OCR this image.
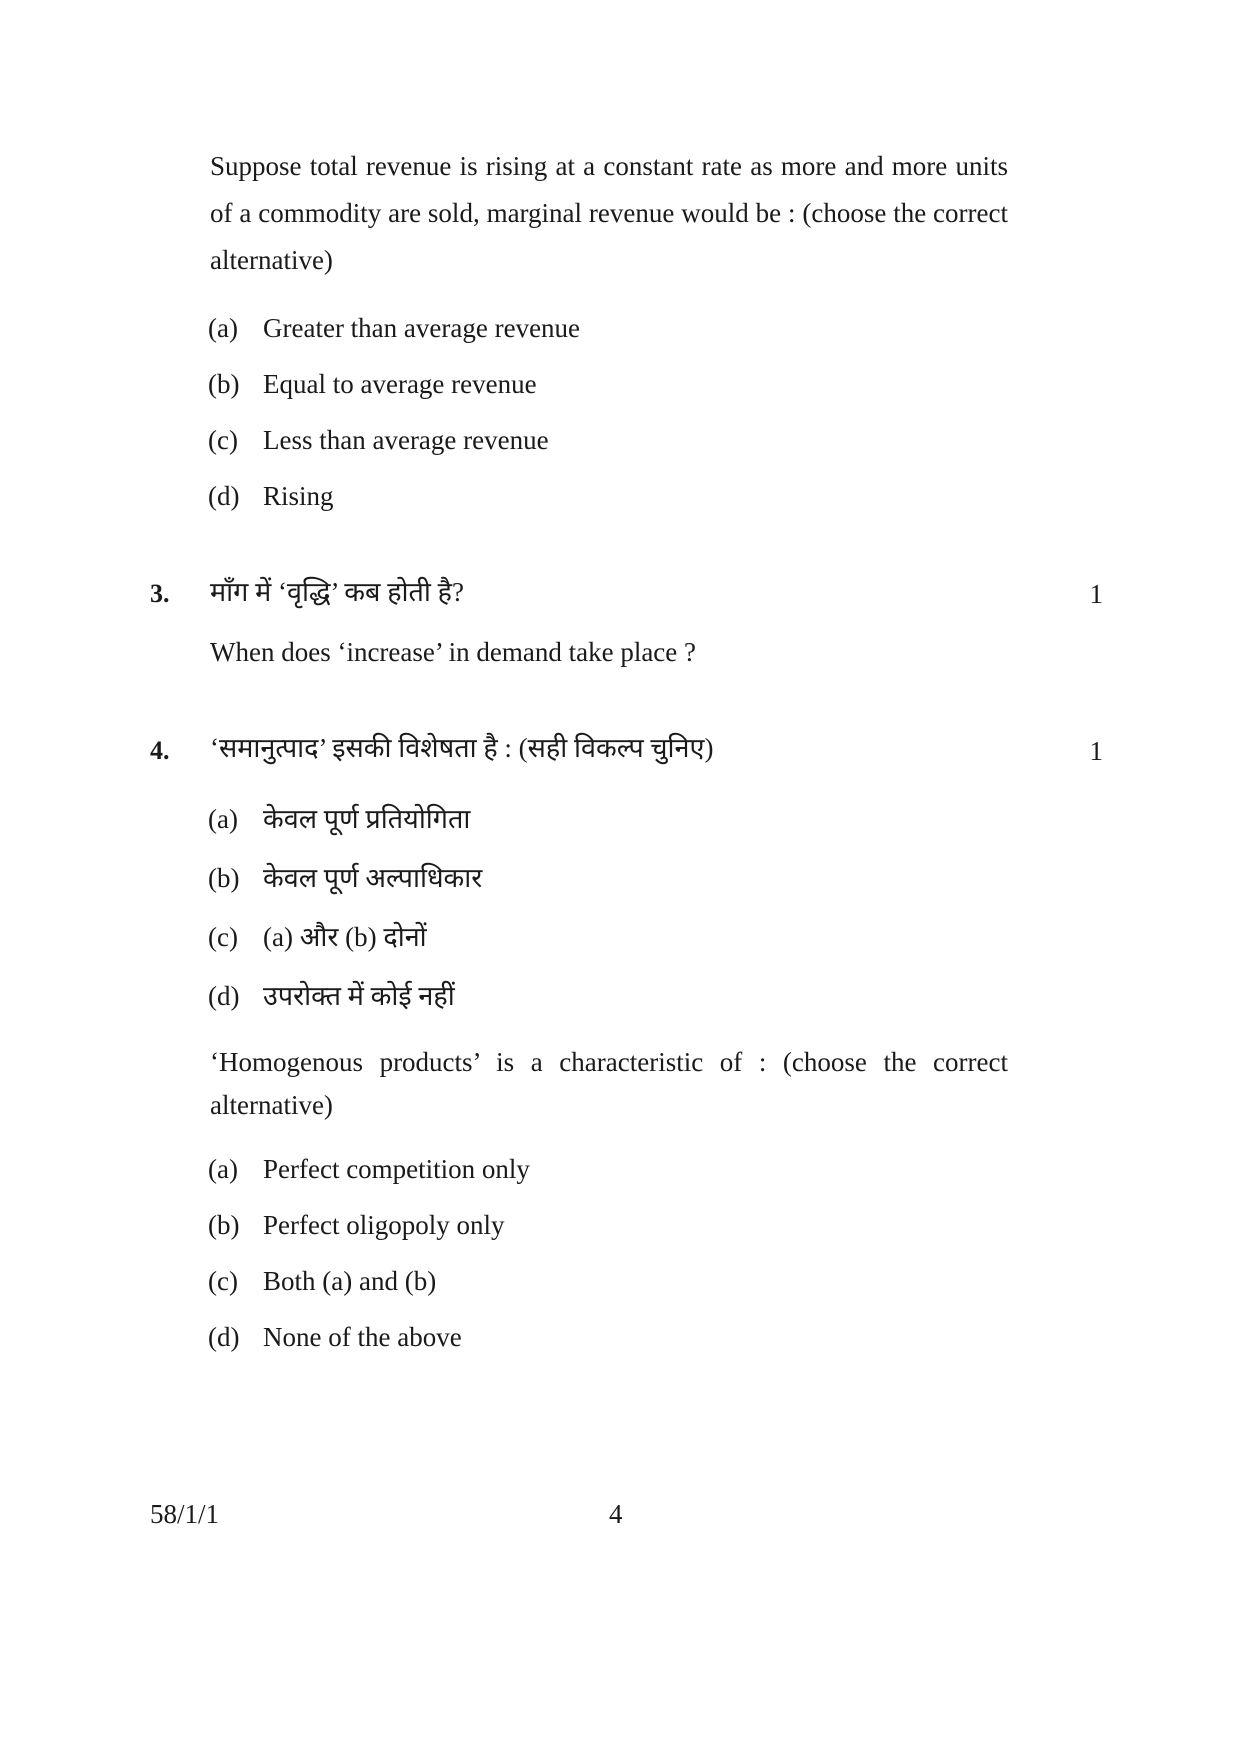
Suppose total revenue is rising at a constant rate as more and more units of a commodity are sold, marginal revenue would be : (choose the correct alternative)
(a) Greater than average revenue
(b) Equal to average revenue
(c) Less than average revenue
(d) Rising
3. माँग में ‘वृद्धि’ कब होती है?	1
When does ‘increase’ in demand take place ?
4. ‘समानुत्पाद’ इसकी विशेषता है : (सही विकल्प चुनिए)	1
(a) केवल पूर्ण प्रतियोगिता
(b) केवल पूर्ण अल्पाधिकार
(c) (a) और (b) दोनों
(d) उपरोक्त में कोई नहीं
‘Homogenous products’ is a characteristic of : (choose the correct alternative)
(a) Perfect competition only
(b) Perfect oligopoly only
(c) Both (a) and (b)
(d) None of the above
58/1/1	4
